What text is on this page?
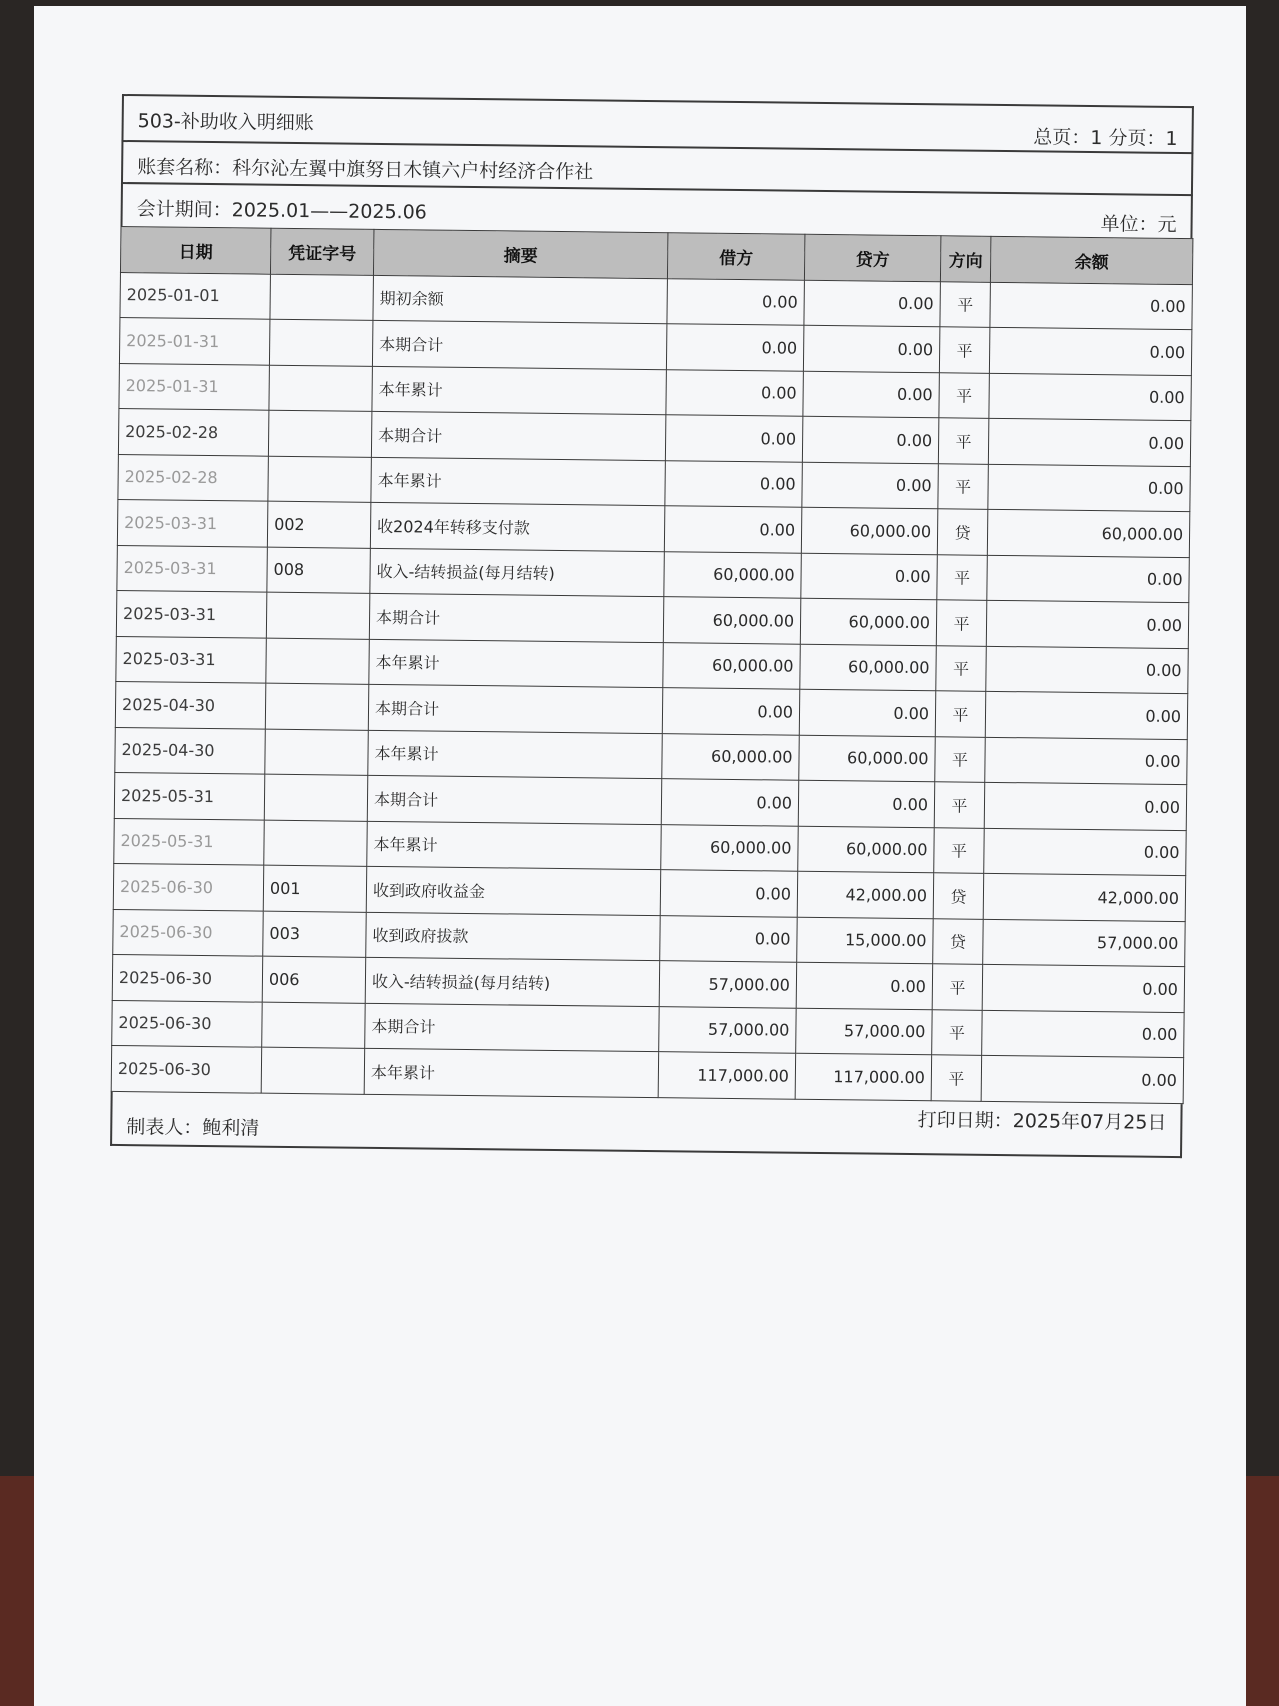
503-补助收入明细账
总页：1 分页：1
账套名称：科尔沁左翼中旗努日木镇六户村经济合作社
会计期间：2025.01——2025.06
单位：元
日期	凭证字号	摘要	借方	贷方	方向	余额
2025-01-01		期初余额	0.00	0.00	平	0.00
2025-01-31		本期合计	0.00	0.00	平	0.00
2025-01-31		本年累计	0.00	0.00	平	0.00
2025-02-28		本期合计	0.00	0.00	平	0.00
2025-02-28		本年累计	0.00	0.00	平	0.00
2025-03-31	002	收2024年转移支付款	0.00	60,000.00	贷	60,000.00
2025-03-31	008	收入-结转损益(每月结转)	60,000.00	0.00	平	0.00
2025-03-31		本期合计	60,000.00	60,000.00	平	0.00
2025-03-31		本年累计	60,000.00	60,000.00	平	0.00
2025-04-30		本期合计	0.00	0.00	平	0.00
2025-04-30		本年累计	60,000.00	60,000.00	平	0.00
2025-05-31		本期合计	0.00	0.00	平	0.00
2025-05-31		本年累计	60,000.00	60,000.00	平	0.00
2025-06-30	001	收到政府收益金	0.00	42,000.00	贷	42,000.00
2025-06-30	003	收到政府拔款	0.00	15,000.00	贷	57,000.00
2025-06-30	006	收入-结转损益(每月结转)	57,000.00	0.00	平	0.00
2025-06-30		本期合计	57,000.00	57,000.00	平	0.00
2025-06-30		本年累计	117,000.00	117,000.00	平	0.00
制表人：鲍利清	打印日期：2025年07月25日
